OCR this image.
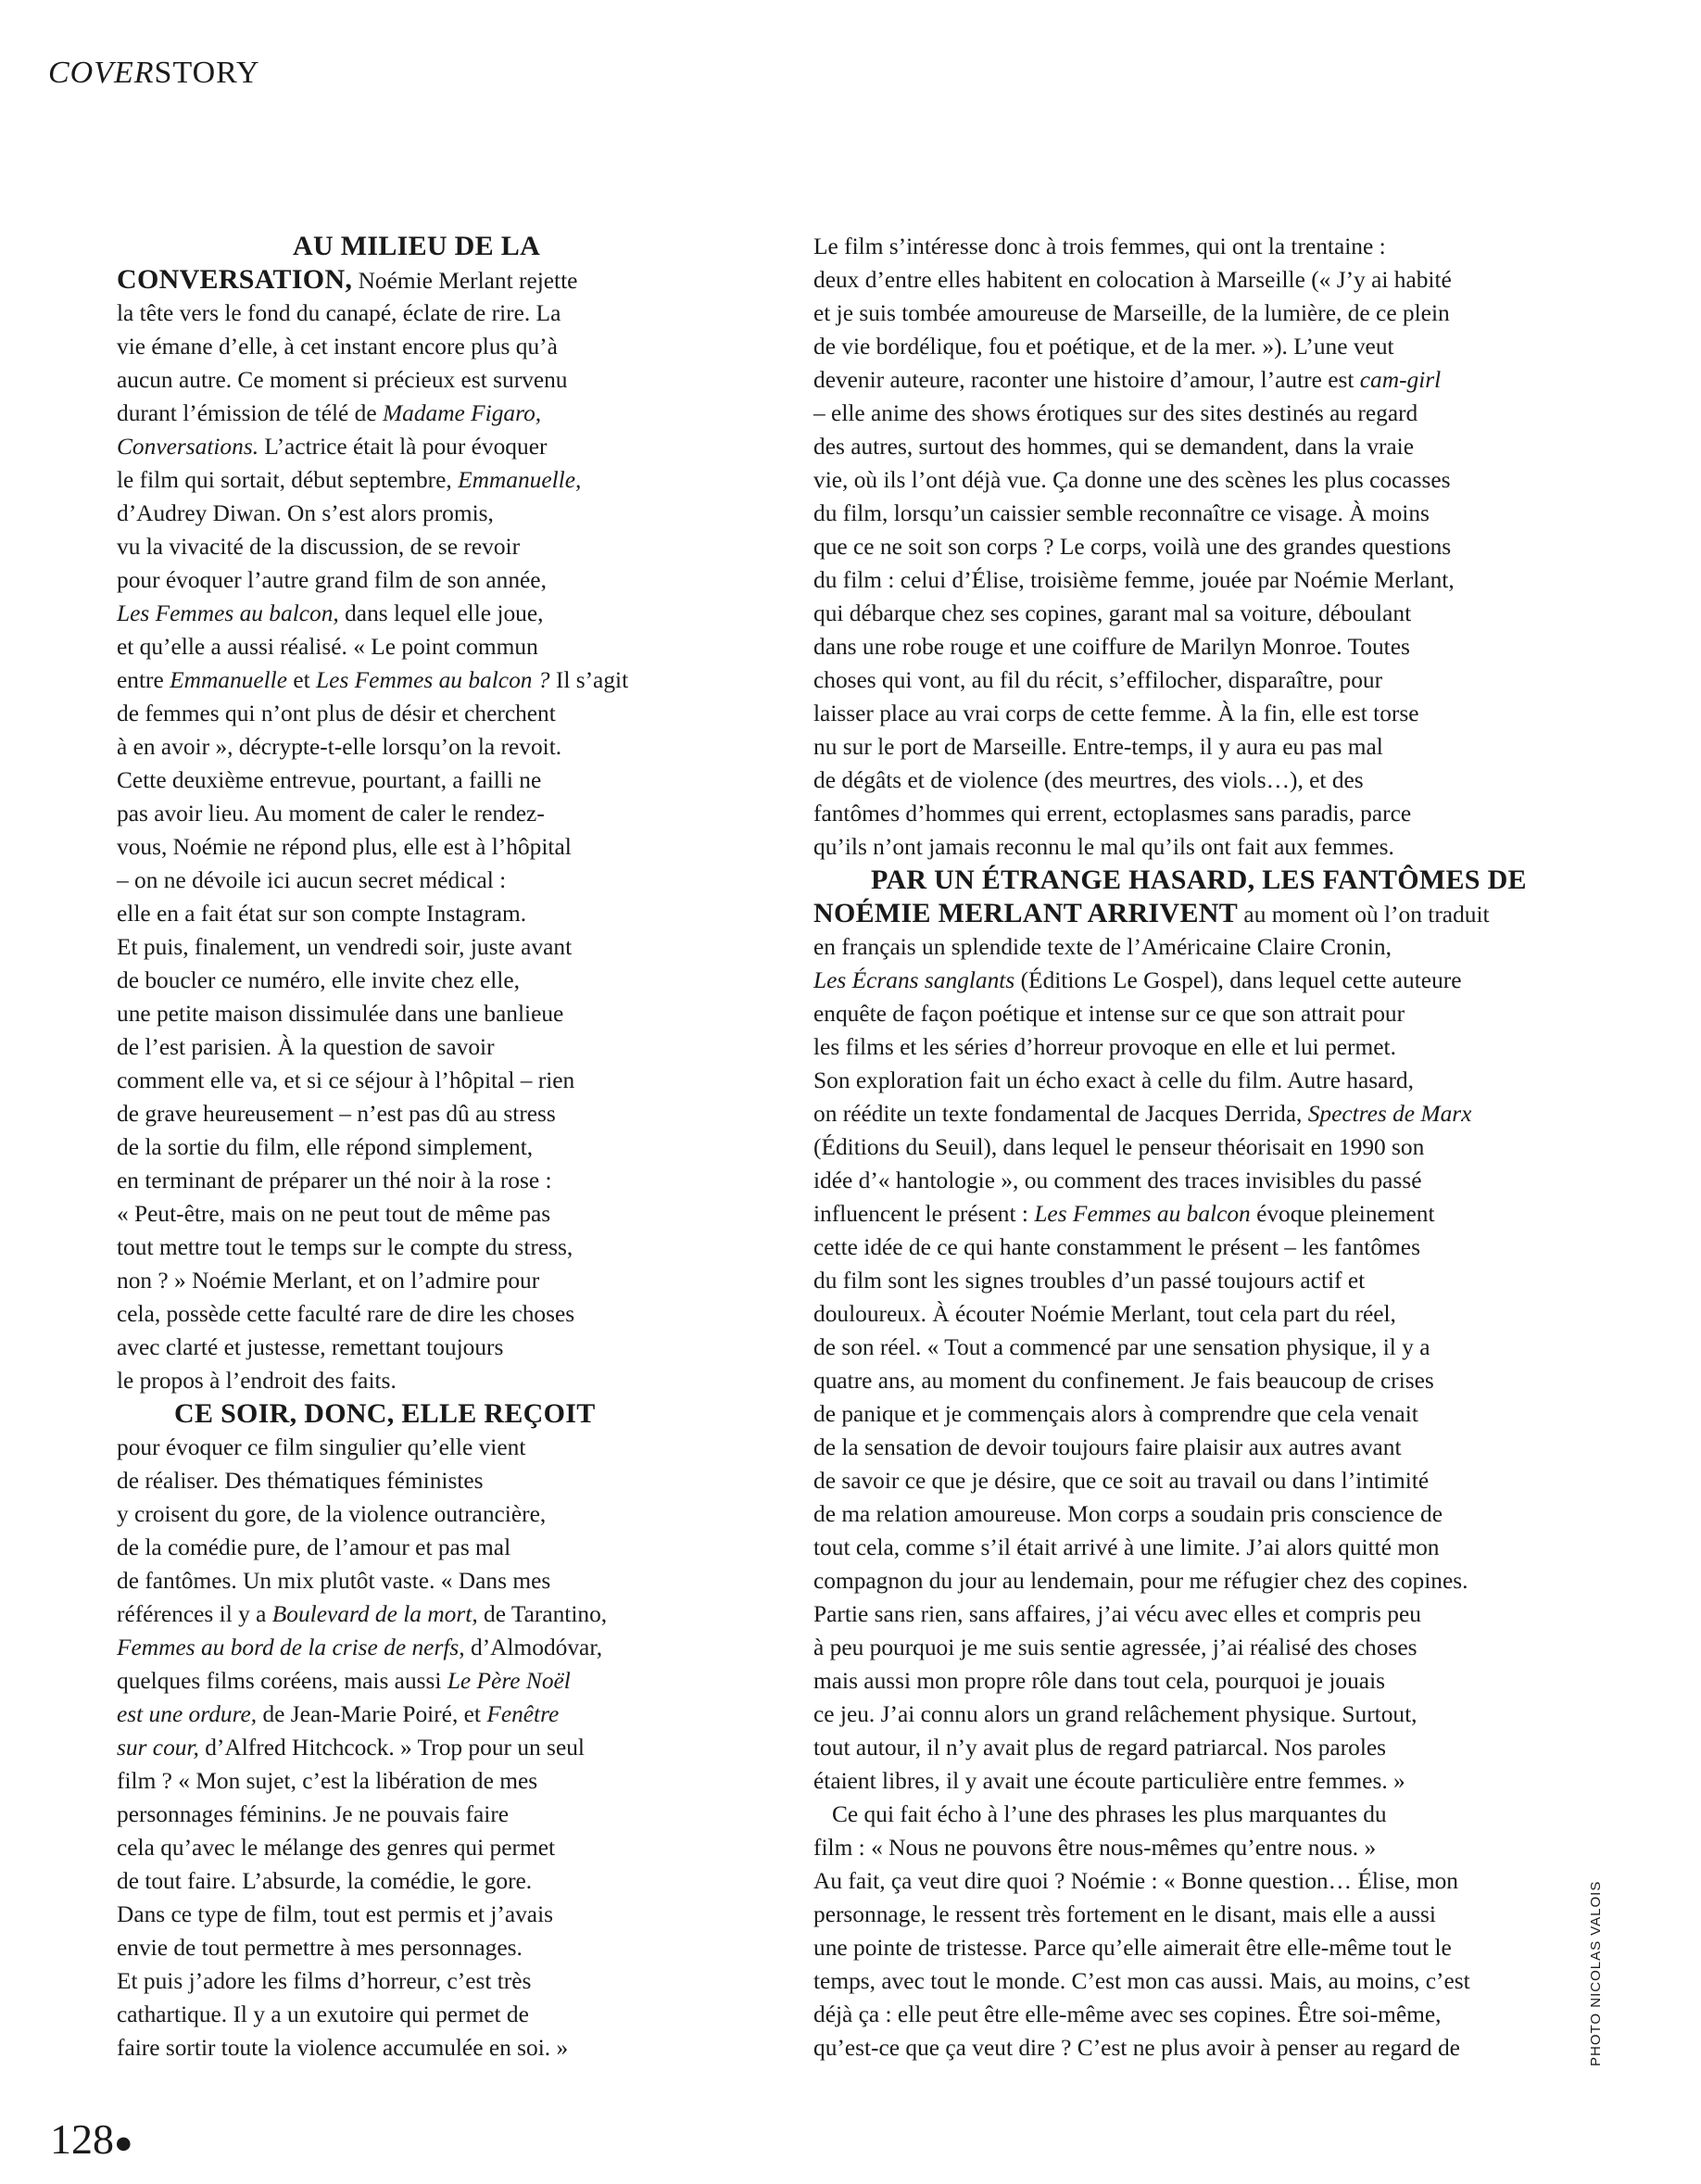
COVERSTORY
AU MILIEU DE LA
CONVERSATION, Noémie Merlant rejette
la tête vers le fond du canapé, éclate de rire. La
vie émane d’elle, à cet instant encore plus qu’à
aucun autre. Ce moment si précieux est survenu
durant l’émission de télé de Madame Figaro,
Conversations. L’actrice était là pour évoquer
le film qui sortait, début septembre, Emmanuelle,
d’Audrey Diwan. On s’est alors promis,
vu la vivacité de la discussion, de se revoir
pour évoquer l’autre grand film de son année,
Les Femmes au balcon, dans lequel elle joue,
et qu’elle a aussi réalisé. « Le point commun
entre Emmanuelle et Les Femmes au balcon ? Il s’agit
de femmes qui n’ont plus de désir et cherchent
à en avoir », décrypte-t-elle lorsqu’on la revoit.
Cette deuxième entrevue, pourtant, a failli ne
pas avoir lieu. Au moment de caler le rendez-
vous, Noémie ne répond plus, elle est à l’hôpital
– on ne dévoile ici aucun secret médical :
elle en a fait état sur son compte Instagram.
Et puis, finalement, un vendredi soir, juste avant
de boucler ce numéro, elle invite chez elle,
une petite maison dissimulée dans une banlieue
de l’est parisien. À la question de savoir
comment elle va, et si ce séjour à l’hôpital – rien
de grave heureusement – n’est pas dû au stress
de la sortie du film, elle répond simplement,
en terminant de préparer un thé noir à la rose :
« Peut-être, mais on ne peut tout de même pas
tout mettre tout le temps sur le compte du stress,
non ? » Noémie Merlant, et on l’admire pour
cela, possède cette faculté rare de dire les choses
avec clarté et justesse, remettant toujours
le propos à l’endroit des faits.
CE SOIR, DONC, ELLE REÇOIT
pour évoquer ce film singulier qu’elle vient
de réaliser. Des thématiques féministes
y croisent du gore, de la violence outrancière,
de la comédie pure, de l’amour et pas mal
de fantômes. Un mix plutôt vaste. « Dans mes
références il y a Boulevard de la mort, de Tarantino,
Femmes au bord de la crise de nerfs, d’Almodóvar,
quelques films coréens, mais aussi Le Père Noël
est une ordure, de Jean-Marie Poiré, et Fenêtre
sur cour, d’Alfred Hitchcock. » Trop pour un seul
film ? « Mon sujet, c’est la libération de mes
personnages féminins. Je ne pouvais faire
cela qu’avec le mélange des genres qui permet
de tout faire. L’absurde, la comédie, le gore.
Dans ce type de film, tout est permis et j’avais
envie de tout permettre à mes personnages.
Et puis j’adore les films d’horreur, c’est très
cathartique. Il y a un exutoire qui permet de
faire sortir toute la violence accumulée en soi. »
Le film s’intéresse donc à trois femmes, qui ont la trentaine :
deux d’entre elles habitent en colocation à Marseille (« J’y ai habité
et je suis tombée amoureuse de Marseille, de la lumière, de ce plein
de vie bordélique, fou et poétique, et de la mer. »). L’une veut
devenir auteure, raconter une histoire d’amour, l’autre est cam-girl
– elle anime des shows érotiques sur des sites destinés au regard
des autres, surtout des hommes, qui se demandent, dans la vraie
vie, où ils l’ont déjà vue. Ça donne une des scènes les plus cocasses
du film, lorsqu’un caissier semble reconnaître ce visage. À moins
que ce ne soit son corps ? Le corps, voilà une des grandes questions
du film : celui d’Élise, troisième femme, jouée par Noémie Merlant,
qui débarque chez ses copines, garant mal sa voiture, déboulant
dans une robe rouge et une coiffure de Marilyn Monroe. Toutes
choses qui vont, au fil du récit, s’effilocher, disparaître, pour
laisser place au vrai corps de cette femme. À la fin, elle est torse
nu sur le port de Marseille. Entre-temps, il y aura eu pas mal
de dégâts et de violence (des meurtres, des viols…), et des
fantômes d’hommes qui errent, ectoplasmes sans paradis, parce
qu’ils n’ont jamais reconnu le mal qu’ils ont fait aux femmes.
PAR UN ÉTRANGE HASARD, LES FANTÔMES DE
NOÉMIE MERLANT ARRIVENT au moment où l’on traduit
en français un splendide texte de l’Américaine Claire Cronin,
Les Écrans sanglants (Éditions Le Gospel), dans lequel cette auteure
enquête de façon poétique et intense sur ce que son attrait pour
les films et les séries d’horreur provoque en elle et lui permet.
Son exploration fait un écho exact à celle du film. Autre hasard,
on réédite un texte fondamental de Jacques Derrida, Spectres de Marx
(Éditions du Seuil), dans lequel le penseur théorisait en 1990 son
idée d’« hantologie », ou comment des traces invisibles du passé
influencent le présent : Les Femmes au balcon évoque pleinement
cette idée de ce qui hante constamment le présent – les fantômes
du film sont les signes troubles d’un passé toujours actif et
douloureux. À écouter Noémie Merlant, tout cela part du réel,
de son réel. « Tout a commencé par une sensation physique, il y a
quatre ans, au moment du confinement. Je fais beaucoup de crises
de panique et je commençais alors à comprendre que cela venait
de la sensation de devoir toujours faire plaisir aux autres avant
de savoir ce que je désire, que ce soit au travail ou dans l’intimité
de ma relation amoureuse. Mon corps a soudain pris conscience de
tout cela, comme s’il était arrivé à une limite. J’ai alors quitté mon
compagnon du jour au lendemain, pour me réfugier chez des copines.
Partie sans rien, sans affaires, j’ai vécu avec elles et compris peu
à peu pourquoi je me suis sentie agressée, j’ai réalisé des choses
mais aussi mon propre rôle dans tout cela, pourquoi je jouais
ce jeu. J’ai connu alors un grand relâchement physique. Surtout,
tout autour, il n’y avait plus de regard patriarcal. Nos paroles
étaient libres, il y avait une écoute particulière entre femmes. »
Ce qui fait écho à l’une des phrases les plus marquantes du
film : « Nous ne pouvons être nous-mêmes qu’entre nous. »
Au fait, ça veut dire quoi ? Noémie : « Bonne question… Élise, mon
personnage, le ressent très fortement en le disant, mais elle a aussi
une pointe de tristesse. Parce qu’elle aimerait être elle-même tout le
temps, avec tout le monde. C’est mon cas aussi. Mais, au moins, c’est
déjà ça : elle peut être elle-même avec ses copines. Être soi-même,
qu’est-ce que ça veut dire ? C’est ne plus avoir à penser au regard de	PHOTO NICOLAS VALOIS
128●
